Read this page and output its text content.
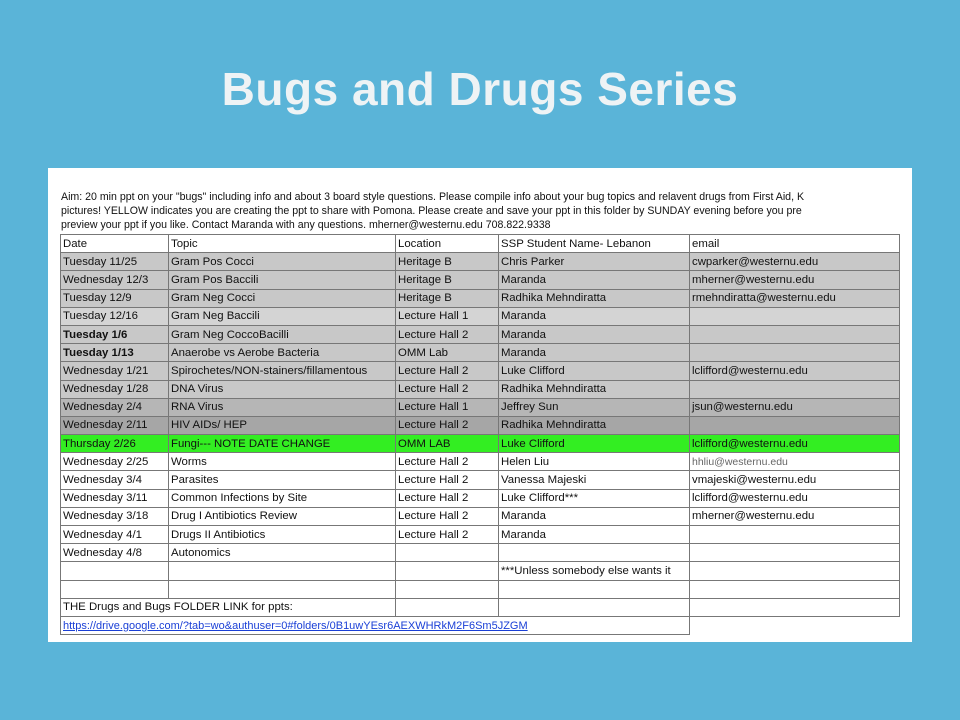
Bugs and Drugs Series
Aim: 20 min ppt on your "bugs" including info and about 3 board style questions. Please compile info about your bug topics and relavent drugs from First Aid, K
pictures! YELLOW indicates you are creating the ppt to share with Pomona. Please create and save your ppt in this folder by SUNDAY evening before you pre
preview your ppt if you like. Contact Maranda with any questions. mherner@westernu.edu 708.822.9338
Date	Topic	Location	SSP Student Name- Lebanon	email
Tuesday 11/25	Gram Pos Cocci	Heritage B	Chris Parker	cwparker@westernu.edu
Wednesday 12/3	Gram Pos Baccili	Heritage B	Maranda	mherner@westernu.edu
Tuesday 12/9	Gram Neg Cocci	Heritage B	Radhika Mehndiratta	rmehndiratta@westernu.edu
Tuesday 12/16	Gram Neg Baccili	Lecture Hall 1	Maranda	
Tuesday 1/6	Gram Neg CoccoBacilli	Lecture Hall 2	Maranda	
Tuesday 1/13	Anaerobe vs Aerobe Bacteria	OMM Lab	Maranda	
Wednesday 1/21	Spirochetes/NON-stainers/fillamentous	Lecture Hall 2	Luke Clifford	lclifford@westernu.edu
Wednesday 1/28	DNA Virus	Lecture Hall 2	Radhika Mehndiratta	
Wednesday 2/4	RNA Virus	Lecture Hall 1	Jeffrey Sun	jsun@westernu.edu
Wednesday 2/11	HIV AIDs/ HEP	Lecture Hall 2	Radhika Mehndiratta	
Thursday 2/26	Fungi--- NOTE DATE CHANGE	OMM LAB	Luke Clifford	lclifford@westernu.edu
Wednesday 2/25	Worms	Lecture Hall 2	Helen Liu	hhliu@westernu.edu
Wednesday 3/4	Parasites	Lecture Hall 2	Vanessa Majeski	vmajeski@westernu.edu
Wednesday 3/11	Common Infections by Site	Lecture Hall 2	Luke Clifford***	lclifford@westernu.edu
Wednesday 3/18	Drug I Antibiotics Review	Lecture Hall 2	Maranda	mherner@westernu.edu
Wednesday 4/1	Drugs II Antibiotics	Lecture Hall 2	Maranda	
Wednesday 4/8	Autonomics			
			***Unless somebody else wants it	

THE Drugs and Bugs FOLDER LINK for ppts:				
https://drive.google.com/?tab=wo&authuser=0#folders/0B1uwYEsr6AEXWHRkM2F6Sm5JZGM				
